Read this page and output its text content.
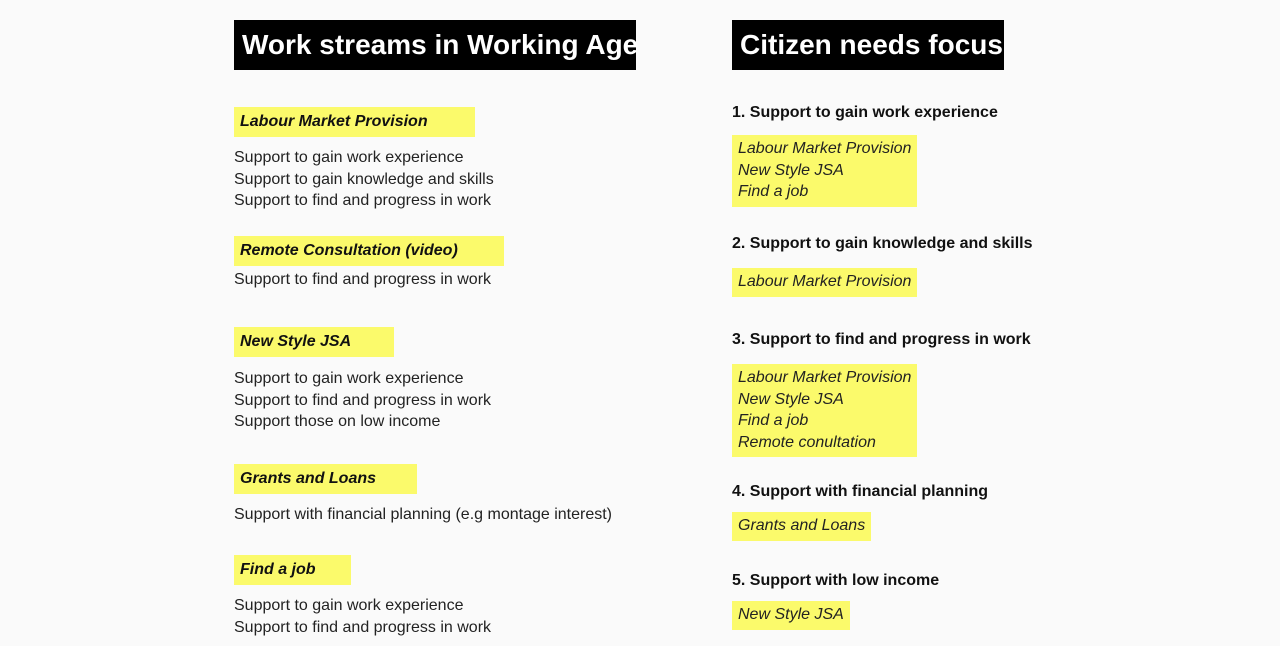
Work streams in Working Age	Citizen needs focus
Labour Market Provision
Support to gain work experience
Support to gain knowledge and skills
Support to find and progress in work
Remote Consultation (video)
Support to find and progress in work
New Style JSA
Support to gain work experience
Support to find and progress in work
Support those on low income
Grants and Loans
Support with financial planning (e.g montage interest)
Find a job
Support to gain work experience
Support to find and progress in work
1. Support to gain work experience
Labour Market Provision
New Style JSA
Find a job
2. Support to gain knowledge and skills
Labour Market Provision
3. Support to find and progress in work
Labour Market Provision
New Style JSA
Find a job
Remote conultation
4. Support with financial planning
Grants and Loans
5. Support with low income
New Style JSA
